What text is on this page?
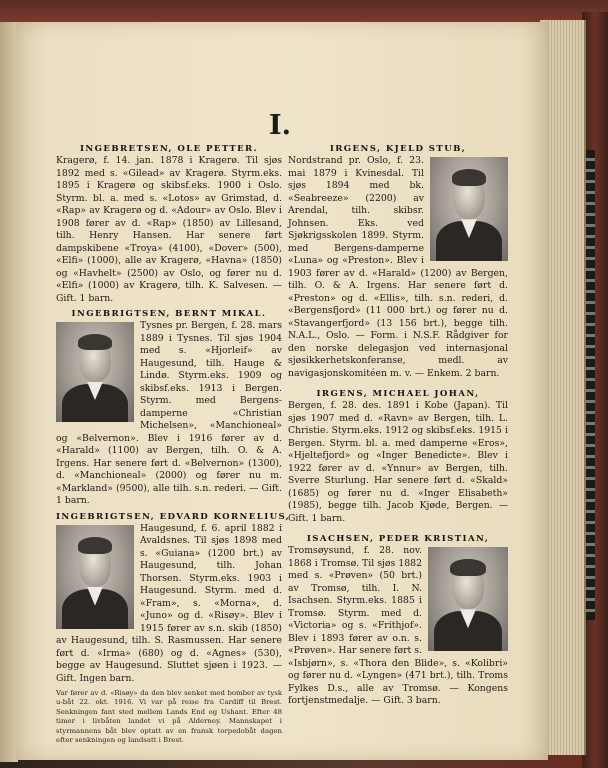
I.
INGEBRETSEN, OLE PETTER.
Kragerø, f. 14. jan. 1878 i Kragerø. Til sjøs 1892 med s. «Gilead» av Kragerø. Styrm.eks. 1895 i Kragerø og skibsf.eks. 1900 i Oslo. Styrm. bl. a. med s. «Lotos» av Grimstad, d. «Rap» av Kragerø og d. «Adour» av Oslo. Blev i 1908 fører av d. «Rap» (1850) av Lillesand, tilh. Henry Hansen. Har senere ført dampskibene «Troya» (4100), «Dover» (500), «Elfi» (1000), alle av Kragerø, «Havna» (1850) og «Havhelt» (2500) av Oslo, og fører nu d. «Elfi» (1000) av Kragerø, tilh. K. Salvesen. — Gift. 1 barn.
INGEBRIGTSEN, BERNT MIKAL.
Tysnes pr. Bergen, f. 28. mars 1889 i Tysnes. Til sjøs 1904 med s. «Hjorleif» av Haugesund, tilh. Hauge & Lindø. Styrm.eks. 1909 og skibsf.eks. 1913 i Bergen. Styrm. med Bergens-damperne «Christian Michelsen», «Manchioneal» og «Belvernon». Blev i 1916 fører av d. «Harald» (1100) av Bergen, tilh. O. & A. Irgens. Har senere ført d. «Belvernon» (1300), d. «Manchioneal» (2000) og fører nu m. «Markland» (9500), alle tilh. s.n. rederi. — Gift. 1 barn.
INGEBRIGTSEN, EDVARD KORNELIUS,
Haugesund, f. 6. april 1882 i Avaldsnes. Til sjøs 1898 med s. «Guiana» (1200 brt.) av Haugesund, tilh. Johan Thorsen. Styrm.eks. 1903 i Haugesund. Styrm. med d. «Fram», s. «Morna», d. «Juno» og d. «Risøy». Blev i 1915 fører av s.n. skib (1850) av Haugesund, tilh. S. Rasmussen. Har senere ført d. «Irma» (680) og d. «Agnes» (530), begge av Haugesund. Sluttet sjøen i 1923. — Gift. Ingen barn.
Var fører av d. «Risøy» da den blev senket med bomber av tysk u-båt 22. okt. 1916. Vi var på reise fra Cardiff til Brest. Senkningen fant sted mellem Lands End og Ushant. Efter 48 timer i livbåten landet vi på Alderney. Mannskapet i styrmannens båt blev optatt av en fransk torpedobåt dagen efter senkningen og landsatt i Brest.
IRGENS, KJELD STUB,
Nordstrand pr. Oslo, f. 23. mai 1879 i Kvinesdal. Til sjøs 1894 med bk. «Seabreeze» (2200) av Arendal, tilh. skibsr. Johnsen. Eks. ved Sjøkrigsskolen 1899. Styrm. med Bergens-damperne «Luna» og «Preston». Blev i 1903 fører av d. «Harald» (1200) av Bergen, tilh. O. & A. Irgens. Har senere ført d. «Preston» og d. «Ellis», tilh. s.n. rederi, d. «Bergensfjord» (11 000 brt.) og fører nu d. «Stavangerfjord» (13 156 brt.), begge tilh. N.A.L., Oslo. — Form. i N.S.F. Rådgiver for den norske delegasjon ved internasjonal sjøsikkerhetskonferanse, medl. av navigasjonskomitéen m. v. — Enkem. 2 barn.
IRGENS, MICHAEL JOHAN,
Bergen, f. 28. des. 1891 i Kobe (Japan). Til sjøs 1907 med d. «Ravn» av Bergen, tilh. L. Christie. Styrm.eks. 1912 og skibsf.eks. 1915 i Bergen. Styrm. bl. a. med damperne «Eros», «Hjeltefjord» og «Inger Benedicte». Blev i 1922 fører av d. «Ynnur» av Bergen, tilh. Sverre Sturlung. Har senere ført d. «Skald» (1685) og fører nu d. «Inger Elisabeth» (1985), begge tilh. Jacob Kjøde, Bergen. — Gift. 1 barn.
ISACHSEN, PEDER KRISTIAN,
Tromsøysund, f. 28. nov. 1868 i Tromsø. Til sjøs 1882 med s. «Prøven» (50 brt.) av Tromsø, tilh. I. N. Isachsen. Styrm.eks. 1885 i Tromsø. Styrm. med d. «Victoria» og s. «Frithjof». Blev i 1893 fører av o.n. s. «Prøven». Har senere ført s. «Isbjørn», s. «Thora den Blide», s. «Kolibri» og fører nu d. «Lyngen» (471 brt.), tilh. Troms Fylkes D.s., alle av Tromsø. — Kongens fortjenstmedalje. — Gift. 3 barn.
